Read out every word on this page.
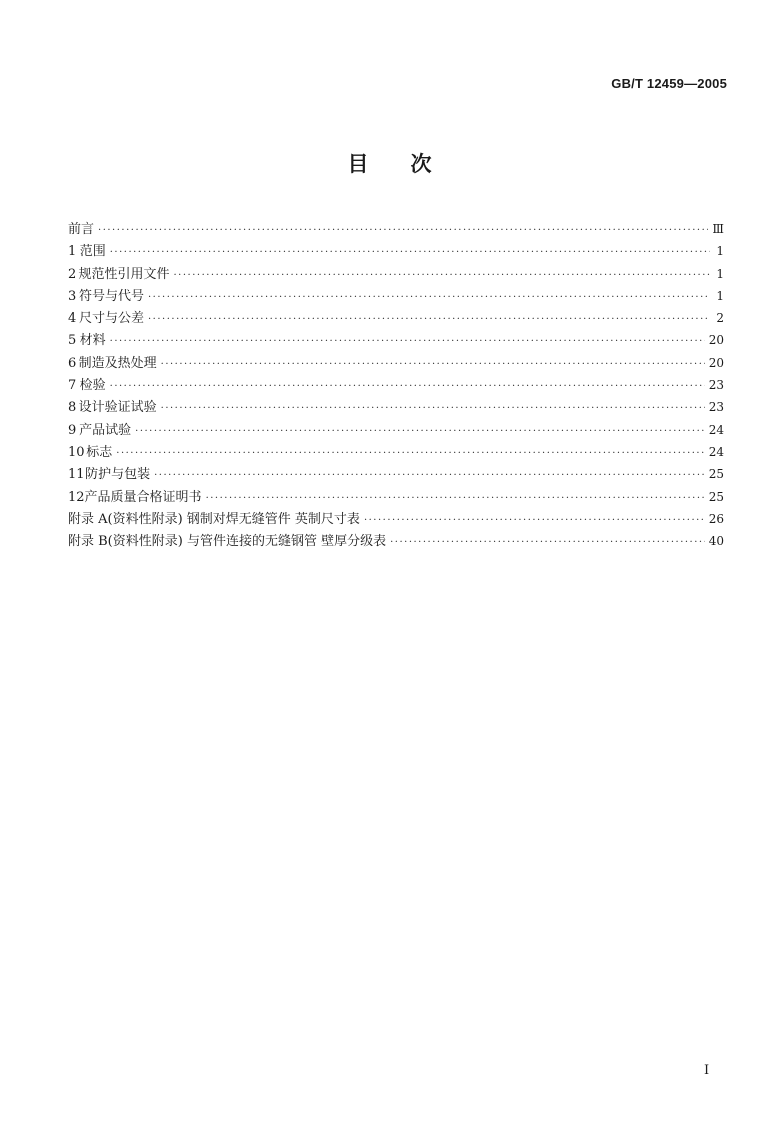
GB/T 12459—2005
目次
前言 ·····	Ⅲ
1 范围 ·····	1
2 规范性引用文件 ·····	1
3 符号与代号 ·····	1
4 尺寸与公差 ·····	2
5 材料 ·····	20
6 制造及热处理 ·····	20
7 检验 ·····	23
8 设计验证试验 ·····	23
9 产品试验 ·····	24
10 标志 ·····	24
11 防护与包装 ·····	25
12 产品质量合格证明书 ·····	25
附录 A(资料性附录) 钢制对焊无缝管件 英制尺寸表 ·····	26
附录 B(资料性附录) 与管件连接的无缝钢管 壁厚分级表 ·····	40
I
